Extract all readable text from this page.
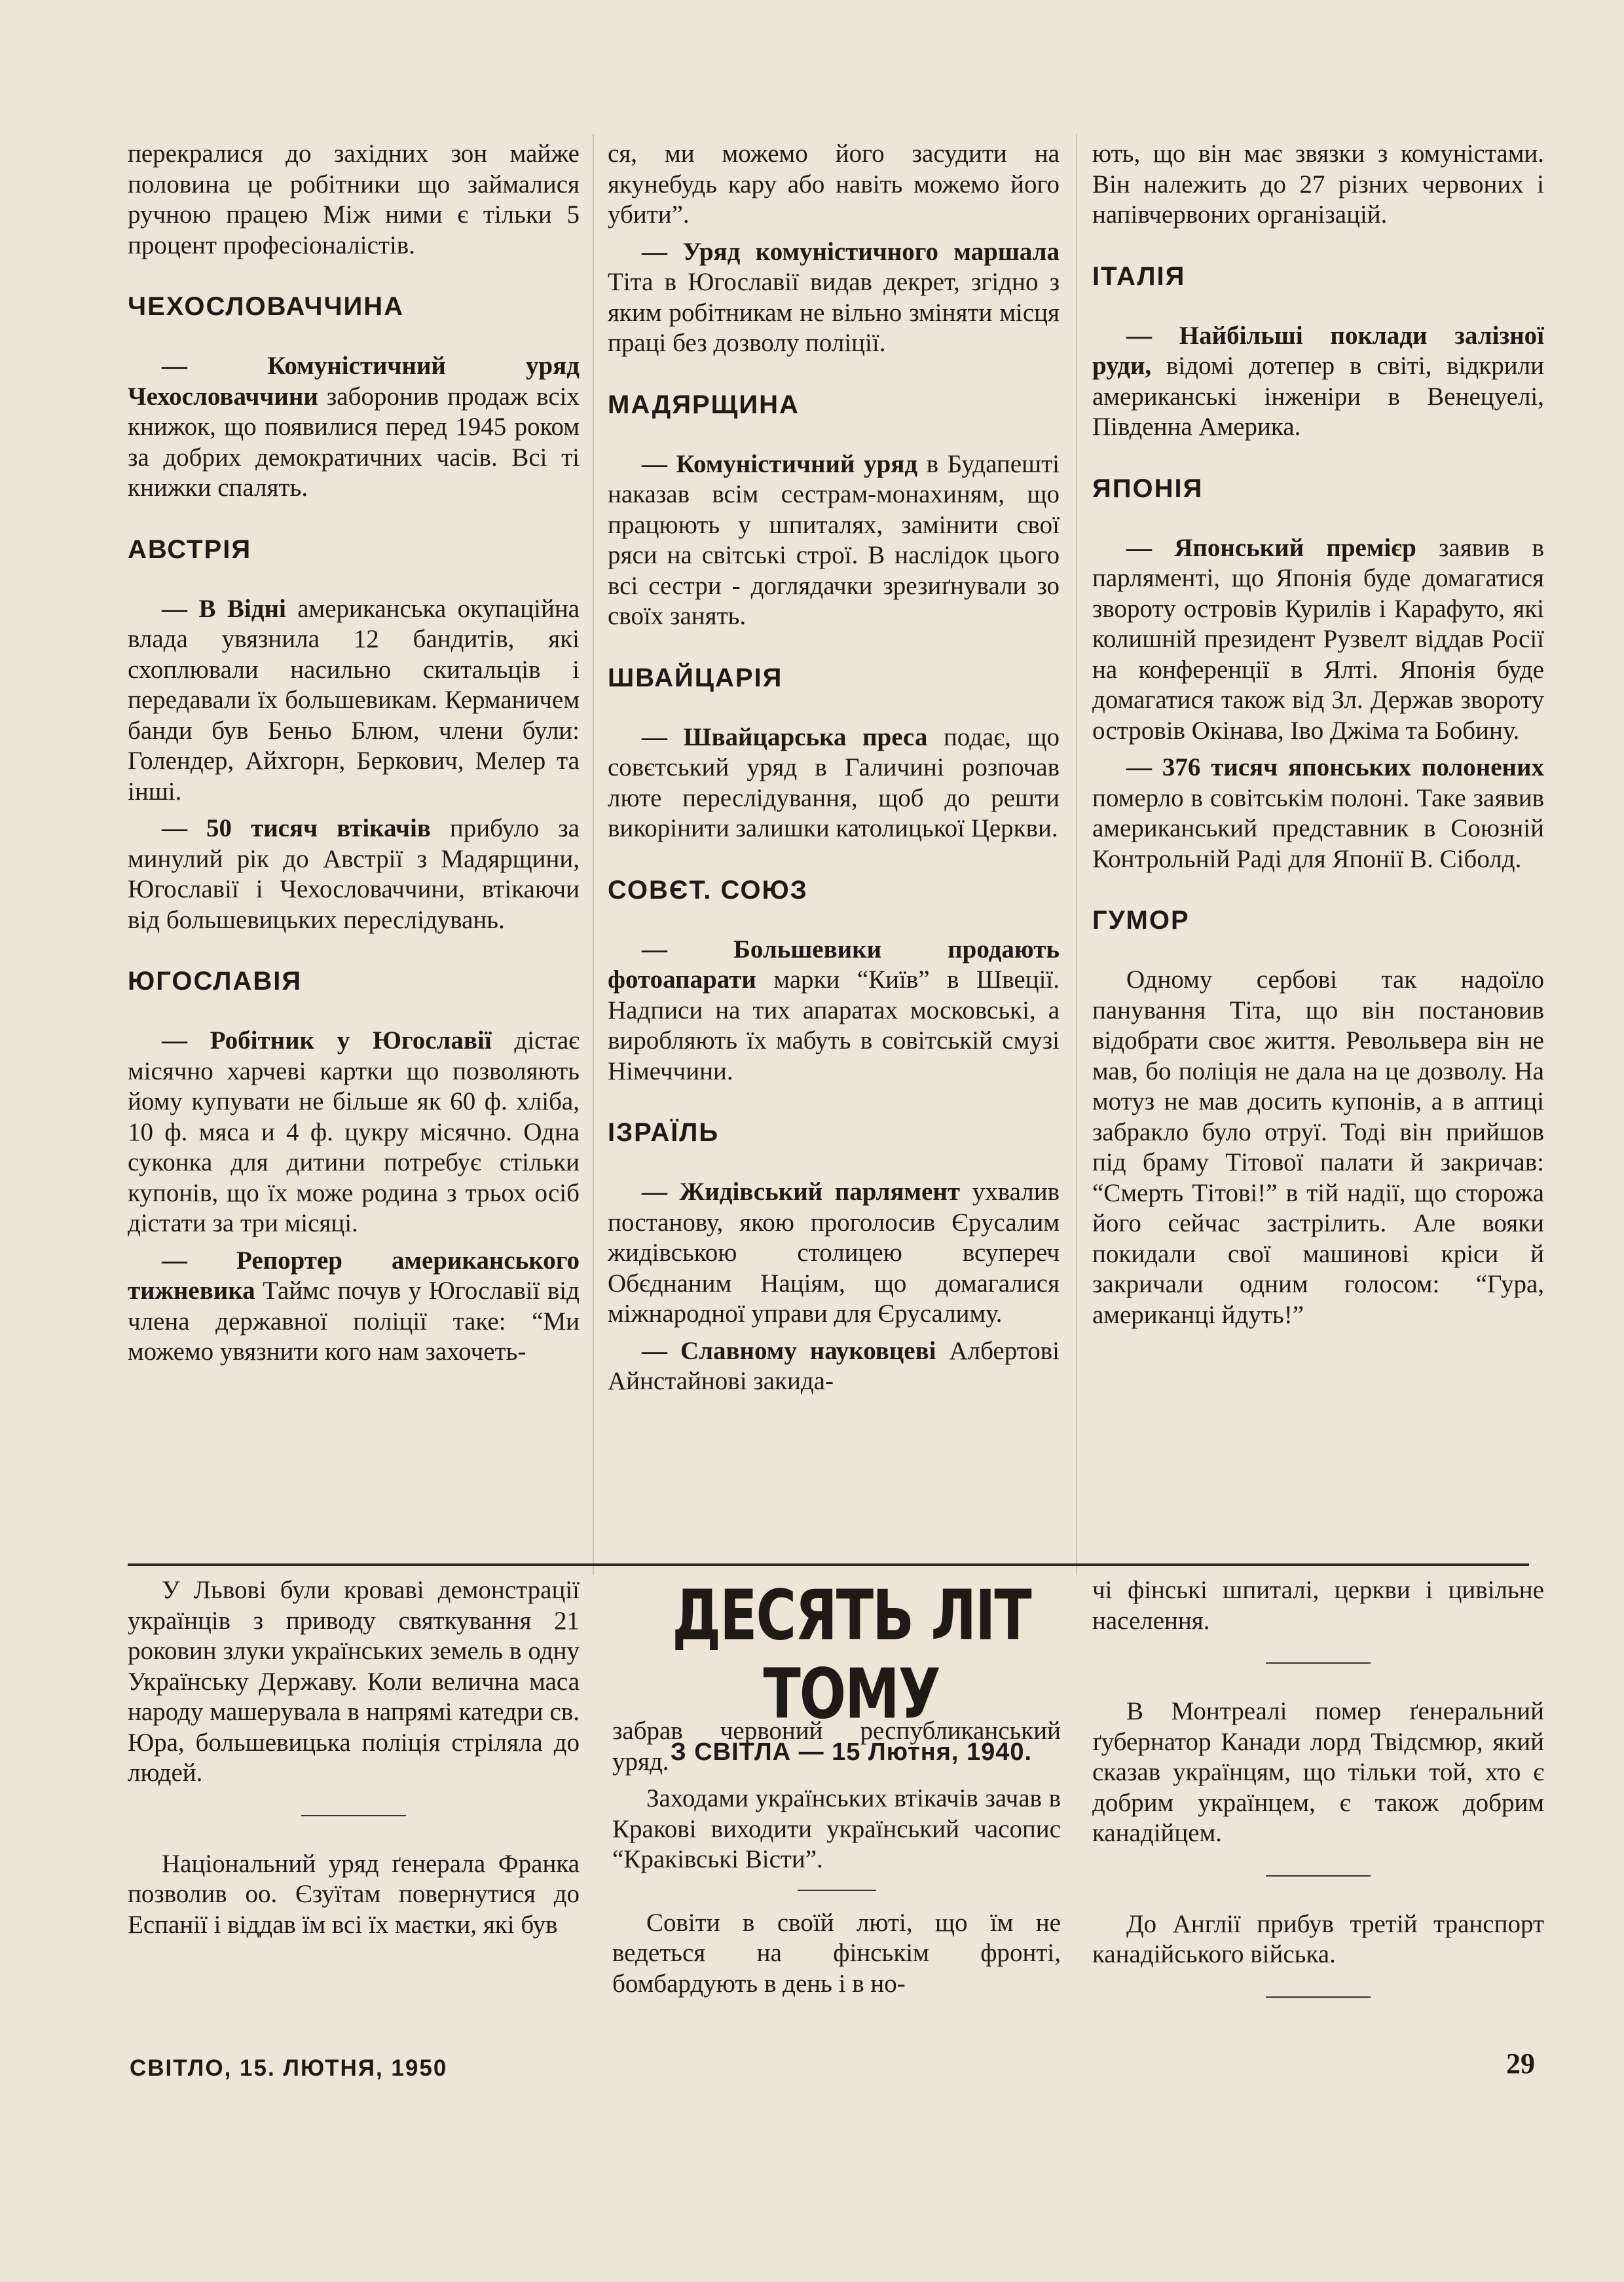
перекралися до західних зон майже половина це робітники що займалися ручною працею Між ними є тільки 5 процент професіоналістів.

ЧЕХОСЛОВАЧЧИНА

— Комуністичний уряд Чехословаччини заборонив продаж всіх книжок, що появилися перед 1945 роком за добрих демократичних часів. Всі ті книжки спалять.

АВСТРІЯ

— В Відні американська окупаційна влада увязнила 12 бандитів, які схоплювали насильно скитальців і передавали їх большевикам. Керманичем банди був Беньо Блюм, члени були: Голендер, Айхгорн, Беркович, Мелер та інші.

— 50 тисяч втікачів прибуло за минулий рік до Австрії з Мадярщини, Югославії і Чехословаччини, втікаючи від большевицьких переслідувань.

ЮГОСЛАВІЯ

— Робітник у Югославії дістає місячно харчеві картки що позволяють йому купувати не більше як 60 ф. хліба, 10 ф. мяса и 4 ф. цукру місячно. Одна суконка для дитини потребує стільки купонів, що їх може родина з трьох осіб дістати за три місяці.

— Репортер американського тижневика Таймс почув у Югославії від члена державної поліції таке: “Ми можемо увязнити кого нам захочеть-

ся, ми можемо його засудити на якунебудь кару або навіть можемо його убити”.

— Уряд комуністичного маршала Тіта в Югославії видав декрет, згідно з яким робітникам не вільно зміняти місця праці без дозволу поліції.

МАДЯРЩИНА

— Комуністичний уряд в Будапешті наказав всім сестрам-монахиням, що працюють у шпиталях, замінити свої ряси на світські строї. В наслідок цього всі сестри - доглядачки зрезиґнували зо своїх занять.

ШВАЙЦАРІЯ

— Швайцарська преса подає, що совєтський уряд в Галичині розпочав люте переслідування, щоб до решти викорінити залишки католицької Церкви.

СОВЄТ. СОЮЗ

— Большевики продають фотоапарати марки “Київ” в Швеції. Надписи на тих апаратах московські, а виробляють їх мабуть в совітській смузі Німеччини.

ІЗРАЇЛЬ

— Жидівський парлямент ухвалив постанову, якою проголосив Єрусалим жидівською столицею всупереч Обєднаним Націям, що домагалися міжнародної управи для Єрусалиму.

— Славному науковцеві Албертові Айнстайнові закида-

ють, що він має звязки з комуністами. Він належить до 27 різних червоних і напівчервоних організацій.

ІТАЛІЯ

— Найбільші поклади залізної руди, відомі дотепер в світі, відкрили американські інженіри в Венецуелі, Південна Америка.

ЯПОНІЯ

— Японський премієр заявив в парляменті, що Японія буде домагатися звороту островів Курилів і Карафуто, які колишній президент Рузвелт віддав Росії на конференції в Ялті. Японія буде домагатися також від Зл. Держав звороту островів Окінава, Іво Джіма та Бобину.

— 376 тисяч японських полонених померло в совітськім полоні. Таке заявив американський представник в Союзній Контрольній Раді для Японії В. Сіболд.

ГУМОР

Одному сербові так надоїло панування Тіта, що він постановив відобрати своє життя. Револьвера він не мав, бо поліція не дала на це дозволу. На мотуз не мав досить купонів, а в аптиці забракло було отруї. Тоді він прийшов під браму Тітової палати й закричав: “Смерть Тітові!” в тій надії, що сторожа його сейчас застрілить. Але вояки покидали свої машинові кріси й закричали одним голосом: “Гура, американці йдуть!”

У Львові були кроваві демонстрації українців з приводу святкування 21 роковин злуки українських земель в одну Українську Державу. Коли велична маса народу машерувала в напрямі катедри св. Юра, большевицька поліція стріляла до людей.

Національний уряд ґенерала Франка позволив оо. Єзуїтам повернутися до Еспанії і віддав їм всі їх маєтки, які був

ДЕСЯТЬ ЛІТ ТОМУ
З СВІТЛА — 15 Лютня, 1940.

забрав червоний республиканський уряд.

Заходами українських втікачів зачав в Кракові виходити український часопис “Краківські Вісти”.

Совіти в своїй люті, що їм не ведеться на фінськім фронті, бомбардують в день і в но-

чі фінські шпиталі, церкви і цивільне населення.

В Монтреалі помер ґенеральний ґубернатор Канади лорд Твідсмюр, який сказав українцям, що тільки той, хто є добрим українцем, є також добрим канадійцем.

До Англії прибув третій транспорт канадійського війська.

СВІТЛО, 15. ЛЮТНЯ, 1950	29
